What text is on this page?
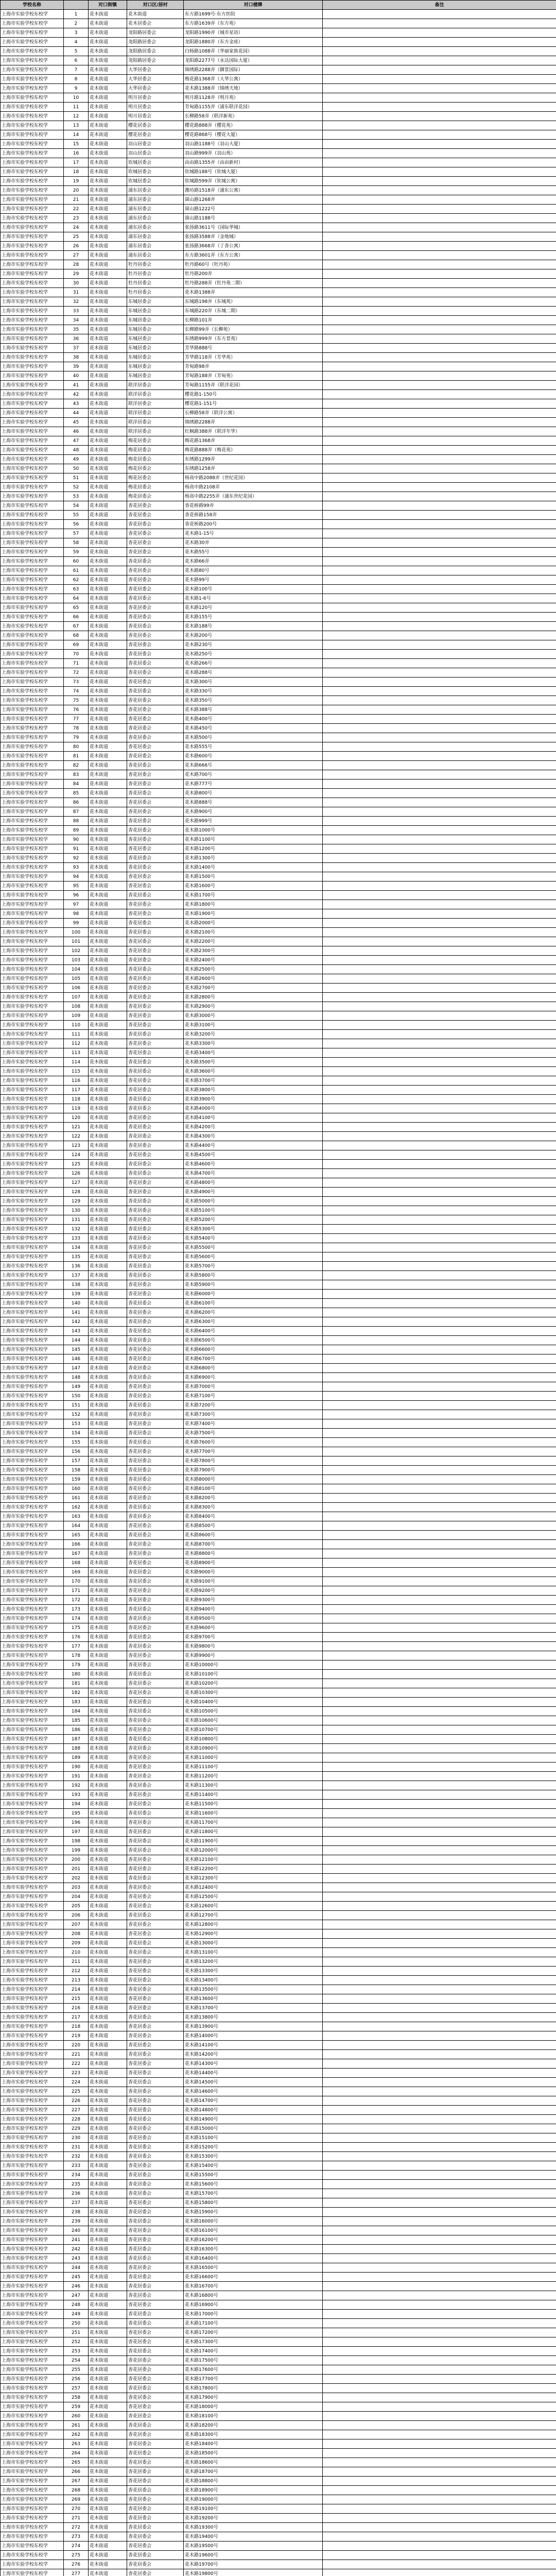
学校名称		对口街镇	对口区/居村	对口楼牌	备注
上海市实验学校东校学	1	花木街道	花木街道	东方路1699号·东方医院	
上海市实验学校东校学	2	花木街道	花木居委会	东方路1639弄（东方苑）	
上海市实验学校东校学	3	花木街道	龙阳路居委会	龙阳路1990弄（城市星语）	
上海市实验学校东校学	4	花木街道	龙阳路居委会	龙阳路1880弄（东方金座）	
上海市实验学校东校学	5	花木街道	龙阳路居委会	白杨路1088弄（华丽家族花园）	
上海市实验学校东校学	6	花木街道	龙阳路居委会	龙阳路2277号（永达国际大厦）	
上海市实验学校东校学	7	花木街道	大华居委会	锦绣路2288弄（御景国际）	
上海市实验学校东校学	8	花木街道	大华居委会	梅花路1368弄（大华公寓）	
上海市实验学校东校学	9	花木街道	大华居委会	花木路1388弄（锦绣天地）	
上海市实验学校东校学	10	花木街道	明月居委会	明月路1128弄（明月苑）	
上海市实验学校东校学	11	花木街道	明月居委会	芳甸路1155弄（浦东联洋花园）	
上海市实验学校东校学	12	花木街道	明月居委会	长柳路58弄（联洋新苑）	
上海市实验学校东校学	13	花木街道	樱花居委会	樱花路888弄（樱花苑）	
上海市实验学校东校学	14	花木街道	樱花居委会	樱花路868号（樱花大厦）	
上海市实验学校东校学	15	花木街道	羽山居委会	羽山路1188号（羽山大厦）	
上海市实验学校东校学	16	花木街道	羽山居委会	羽山路999弄（羽山苑）	
上海市实验学校东校学	17	花木街道	钦城居委会	由由路1355弄（由由新村）	
上海市实验学校东校学	18	花木街道	钦城居委会	钦城路188号（钦城大厦）	
上海市实验学校东校学	19	花木街道	钦城居委会	钦城路599弄（钦城公寓）	
上海市实验学校东校学	20	花木街道	浦东居委会	潍坊路1518弄（浦东公寓）	
上海市实验学校东校学	21	花木街道	浦东居委会	崮山路1268弄	
上海市实验学校东校学	22	花木街道	浦东居委会	崮山路1222号	
上海市实验学校东校学	23	花木街道	浦东居委会	崮山路1188号	
上海市实验学校东校学	24	花木街道	浦东居委会	张扬路3611号（国际华城）	
上海市实验学校东校学	25	花木街道	浦东居委会	张扬路3588弄（金地城）	
上海市实验学校东校学	26	花木街道	浦东居委会	张扬路3668弄（丁香公寓）	
上海市实验学校东校学	27	花木街道	浦东居委会	东方路3601弄（东方公寓）	
上海市实验学校东校学	28	花木街道	牡丹居委会	牡丹路60号（牡丹苑）	
上海市实验学校东校学	29	花木街道	牡丹居委会	牡丹路200弄	
上海市实验学校东校学	30	花木街道	牡丹居委会	牡丹路288弄（牡丹苑二期）	
上海市实验学校东校学	31	花木街道	牡丹居委会	花木路1388弄	
上海市实验学校东校学	32	花木街道	东城居委会	东城路198弄（东城苑）	
上海市实验学校东校学	33	花木街道	东城居委会	东城路220弄（东城二期）	
上海市实验学校东校学	34	花木街道	东城居委会	长柳路101弄	
上海市实验学校东校学	35	花木街道	东城居委会	长柳路99弄（长柳苑）	
上海市实验学校东校学	36	花木街道	东城居委会	东绣路999弄（东方景苑）	
上海市实验学校东校学	37	花木街道	东城居委会	芳华路888号	
上海市实验学校东校学	38	花木街道	东城居委会	芳华路118弄（芳华苑）	
上海市实验学校东校学	39	花木街道	东城居委会	芳甸路98弄	
上海市实验学校东校学	40	花木街道	东城居委会	芳甸路188弄（芳甸苑）	
上海市实验学校东校学	41	花木街道	联洋居委会	芳甸路1155弄（联洋花园）	
上海市实验学校东校学	42	花木街道	联洋居委会	樱花路1-150号	
上海市实验学校东校学	43	花木街道	联洋居委会	樱花路1-151号	
上海市实验学校东校学	44	花木街道	联洋居委会	长柳路58弄（联洋公寓）	
上海市实验学校东校学	45	花木街道	联洋居委会	锦绣路2288弄	
上海市实验学校东校学	46	花木街道	联洋居委会	红枫路388弄（联洋年华）	
上海市实验学校东校学	47	花木街道	梅花居委会	梅花路1368弄	
上海市实验学校东校学	48	花木街道	梅花居委会	梅花路888弄（梅花苑）	
上海市实验学校东校学	49	花木街道	梅花居委会	东绣路1299弄	
上海市实验学校东校学	50	花木街道	梅花居委会	东绣路1258弄	
上海市实验学校东校学	51	花木街道	梅花居委会	杨高中路2088弄（世纪花园）	
上海市实验学校东校学	52	花木街道	梅花居委会	杨高中路2108弄	
上海市实验学校东校学	53	花木街道	梅花居委会	杨高中路2255弄（浦东世纪花园）	
上海市实验学校东校学	54	花木街道	香花居委会	香花桥路99弄	
上海市实验学校东校学	55	花木街道	香花居委会	香花桥路158弄	
上海市实验学校东校学	56	花木街道	香花居委会	香花桥路200号	
上海市实验学校东校学	57	花木街道	香花居委会	花木路1-15号	
上海市实验学校东校学	58	花木街道	香花居委会	花木路30弄	
上海市实验学校东校学	59	花木街道	香花居委会	花木路55号	
上海市实验学校东校学	60	花木街道	香花居委会	花木路66弄	
上海市实验学校东校学	61	花木街道	香花居委会	花木路80号	
上海市实验学校东校学	62	花木街道	香花居委会	花木路99号	
上海市实验学校东校学	63	花木街道	香花居委会	花木路100号	
上海市实验学校东校学	64	花木街道	香花居委会	花木路1-6号	
上海市实验学校东校学	65	花木街道	香花居委会	花木路120号	
上海市实验学校东校学	66	花木街道	香花居委会	花木路155号	
上海市实验学校东校学	67	花木街道	香花居委会	花木路188号	
上海市实验学校东校学	68	花木街道	香花居委会	花木路200号	
上海市实验学校东校学	69	花木街道	香花居委会	花木路230号	
上海市实验学校东校学	70	花木街道	香花居委会	花木路250号	
上海市实验学校东校学	71	花木街道	香花居委会	花木路266号	
上海市实验学校东校学	72	花木街道	香花居委会	花木路288号	
上海市实验学校东校学	73	花木街道	香花居委会	花木路300号	
上海市实验学校东校学	74	花木街道	香花居委会	花木路330号	
上海市实验学校东校学	75	花木街道	香花居委会	花木路350号	
上海市实验学校东校学	76	花木街道	香花居委会	花木路388号	
上海市实验学校东校学	77	花木街道	香花居委会	花木路400号	
上海市实验学校东校学	78	花木街道	香花居委会	花木路450号	
上海市实验学校东校学	79	花木街道	香花居委会	花木路500号	
上海市实验学校东校学	80	花木街道	香花居委会	花木路555号	
上海市实验学校东校学	81	花木街道	香花居委会	花木路600号	
上海市实验学校东校学	82	花木街道	香花居委会	花木路666号	
上海市实验学校东校学	83	花木街道	香花居委会	花木路700号	
上海市实验学校东校学	84	花木街道	香花居委会	花木路777号	
上海市实验学校东校学	85	花木街道	香花居委会	花木路800号	
上海市实验学校东校学	86	花木街道	香花居委会	花木路888号	
上海市实验学校东校学	87	花木街道	香花居委会	花木路900号	
上海市实验学校东校学	88	花木街道	香花居委会	花木路999号	
上海市实验学校东校学	89	花木街道	香花居委会	花木路1000号	
上海市实验学校东校学	90	花木街道	香花居委会	花木路1100号	
上海市实验学校东校学	91	花木街道	香花居委会	花木路1200号	
上海市实验学校东校学	92	花木街道	香花居委会	花木路1300号	
上海市实验学校东校学	93	花木街道	香花居委会	花木路1400号	
上海市实验学校东校学	94	花木街道	香花居委会	花木路1500号	
上海市实验学校东校学	95	花木街道	香花居委会	花木路1600号	
上海市实验学校东校学	96	花木街道	香花居委会	花木路1700号	
上海市实验学校东校学	97	花木街道	香花居委会	花木路1800号	
上海市实验学校东校学	98	花木街道	香花居委会	花木路1900号	
上海市实验学校东校学	99	花木街道	香花居委会	花木路2000号	
上海市实验学校东校学	100	花木街道	香花居委会	花木路2100号	
上海市实验学校东校学	101	花木街道	香花居委会	花木路2200号	
上海市实验学校东校学	102	花木街道	香花居委会	花木路2300号	
上海市实验学校东校学	103	花木街道	香花居委会	花木路2400号	
上海市实验学校东校学	104	花木街道	香花居委会	花木路2500号	
上海市实验学校东校学	105	花木街道	香花居委会	花木路2600号	
上海市实验学校东校学	106	花木街道	香花居委会	花木路2700号	
上海市实验学校东校学	107	花木街道	香花居委会	花木路2800号	
上海市实验学校东校学	108	花木街道	香花居委会	花木路2900号	
上海市实验学校东校学	109	花木街道	香花居委会	花木路3000号	
上海市实验学校东校学	110	花木街道	香花居委会	花木路3100号	
上海市实验学校东校学	111	花木街道	香花居委会	花木路3200号	
上海市实验学校东校学	112	花木街道	香花居委会	花木路3300号	
上海市实验学校东校学	113	花木街道	香花居委会	花木路3400号	
上海市实验学校东校学	114	花木街道	香花居委会	花木路3500号	
上海市实验学校东校学	115	花木街道	香花居委会	花木路3600号	
上海市实验学校东校学	116	花木街道	香花居委会	花木路3700号	
上海市实验学校东校学	117	花木街道	香花居委会	花木路3800号	
上海市实验学校东校学	118	花木街道	香花居委会	花木路3900号	
上海市实验学校东校学	119	花木街道	香花居委会	花木路4000号	
上海市实验学校东校学	120	花木街道	香花居委会	花木路4100号	
上海市实验学校东校学	121	花木街道	香花居委会	花木路4200号	
上海市实验学校东校学	122	花木街道	香花居委会	花木路4300号	
上海市实验学校东校学	123	花木街道	香花居委会	花木路4400号	
上海市实验学校东校学	124	花木街道	香花居委会	花木路4500号	
上海市实验学校东校学	125	花木街道	香花居委会	花木路4600号	
上海市实验学校东校学	126	花木街道	香花居委会	花木路4700号	
上海市实验学校东校学	127	花木街道	香花居委会	花木路4800号	
上海市实验学校东校学	128	花木街道	香花居委会	花木路4900号	
上海市实验学校东校学	129	花木街道	香花居委会	花木路5000号	
上海市实验学校东校学	130	花木街道	香花居委会	花木路5100号	
上海市实验学校东校学	131	花木街道	香花居委会	花木路5200号	
上海市实验学校东校学	132	花木街道	香花居委会	花木路5300号	
上海市实验学校东校学	133	花木街道	香花居委会	花木路5400号	
上海市实验学校东校学	134	花木街道	香花居委会	花木路5500号	
上海市实验学校东校学	135	花木街道	香花居委会	花木路5600号	
上海市实验学校东校学	136	花木街道	香花居委会	花木路5700号	
上海市实验学校东校学	137	花木街道	香花居委会	花木路5800号	
上海市实验学校东校学	138	花木街道	香花居委会	花木路5900号	
上海市实验学校东校学	139	花木街道	香花居委会	花木路6000号	
上海市实验学校东校学	140	花木街道	香花居委会	花木路6100号	
上海市实验学校东校学	141	花木街道	香花居委会	花木路6200号	
上海市实验学校东校学	142	花木街道	香花居委会	花木路6300号	
上海市实验学校东校学	143	花木街道	香花居委会	花木路6400号	
上海市实验学校东校学	144	花木街道	香花居委会	花木路6500号	
上海市实验学校东校学	145	花木街道	香花居委会	花木路6600号	
上海市实验学校东校学	146	花木街道	香花居委会	花木路6700号	
上海市实验学校东校学	147	花木街道	香花居委会	花木路6800号	
上海市实验学校东校学	148	花木街道	香花居委会	花木路6900号	
上海市实验学校东校学	149	花木街道	香花居委会	花木路7000号	
上海市实验学校东校学	150	花木街道	香花居委会	花木路7100号	
上海市实验学校东校学	151	花木街道	香花居委会	花木路7200号	
上海市实验学校东校学	152	花木街道	香花居委会	花木路7300号	
上海市实验学校东校学	153	花木街道	香花居委会	花木路7400号	
上海市实验学校东校学	154	花木街道	香花居委会	花木路7500号	
上海市实验学校东校学	155	花木街道	香花居委会	花木路7600号	
上海市实验学校东校学	156	花木街道	香花居委会	花木路7700号	
上海市实验学校东校学	157	花木街道	香花居委会	花木路7800号	
上海市实验学校东校学	158	花木街道	香花居委会	花木路7900号	
上海市实验学校东校学	159	花木街道	香花居委会	花木路8000号	
上海市实验学校东校学	160	花木街道	香花居委会	花木路8100号	
上海市实验学校东校学	161	花木街道	香花居委会	花木路8200号	
上海市实验学校东校学	162	花木街道	香花居委会	花木路8300号	
上海市实验学校东校学	163	花木街道	香花居委会	花木路8400号	
上海市实验学校东校学	164	花木街道	香花居委会	花木路8500号	
上海市实验学校东校学	165	花木街道	香花居委会	花木路8600号	
上海市实验学校东校学	166	花木街道	香花居委会	花木路8700号	
上海市实验学校东校学	167	花木街道	香花居委会	花木路8800号	
上海市实验学校东校学	168	花木街道	香花居委会	花木路8900号	
上海市实验学校东校学	169	花木街道	香花居委会	花木路9000号	
上海市实验学校东校学	170	花木街道	香花居委会	花木路9100号	
上海市实验学校东校学	171	花木街道	香花居委会	花木路9200号	
上海市实验学校东校学	172	花木街道	香花居委会	花木路9300号	
上海市实验学校东校学	173	花木街道	香花居委会	花木路9400号	
上海市实验学校东校学	174	花木街道	香花居委会	花木路9500号	
上海市实验学校东校学	175	花木街道	香花居委会	花木路9600号	
上海市实验学校东校学	176	花木街道	香花居委会	花木路9700号	
上海市实验学校东校学	177	花木街道	香花居委会	花木路9800号	
上海市实验学校东校学	178	花木街道	香花居委会	花木路9900号	
上海市实验学校东校学	179	花木街道	香花居委会	花木路10000号	
上海市实验学校东校学	180	花木街道	香花居委会	花木路10100号	
上海市实验学校东校学	181	花木街道	香花居委会	花木路10200号	
上海市实验学校东校学	182	花木街道	香花居委会	花木路10300号	
上海市实验学校东校学	183	花木街道	香花居委会	花木路10400号	
上海市实验学校东校学	184	花木街道	香花居委会	花木路10500号	
上海市实验学校东校学	185	花木街道	香花居委会	花木路10600号	
上海市实验学校东校学	186	花木街道	香花居委会	花木路10700号	
上海市实验学校东校学	187	花木街道	香花居委会	花木路10800号	
上海市实验学校东校学	188	花木街道	香花居委会	花木路10900号	
上海市实验学校东校学	189	花木街道	香花居委会	花木路11000号	
上海市实验学校东校学	190	花木街道	香花居委会	花木路11100号	
上海市实验学校东校学	191	花木街道	香花居委会	花木路11200号	
上海市实验学校东校学	192	花木街道	香花居委会	花木路11300号	
上海市实验学校东校学	193	花木街道	香花居委会	花木路11400号	
上海市实验学校东校学	194	花木街道	香花居委会	花木路11500号	
上海市实验学校东校学	195	花木街道	香花居委会	花木路11600号	
上海市实验学校东校学	196	花木街道	香花居委会	花木路11700号	
上海市实验学校东校学	197	花木街道	香花居委会	花木路11800号	
上海市实验学校东校学	198	花木街道	香花居委会	花木路11900号	
上海市实验学校东校学	199	花木街道	香花居委会	花木路12000号	
上海市实验学校东校学	200	花木街道	香花居委会	花木路12100号	
上海市实验学校东校学	201	花木街道	香花居委会	花木路12200号	
上海市实验学校东校学	202	花木街道	香花居委会	花木路12300号	
上海市实验学校东校学	203	花木街道	香花居委会	花木路12400号	
上海市实验学校东校学	204	花木街道	香花居委会	花木路12500号	
上海市实验学校东校学	205	花木街道	香花居委会	花木路12600号	
上海市实验学校东校学	206	花木街道	香花居委会	花木路12700号	
上海市实验学校东校学	207	花木街道	香花居委会	花木路12800号	
上海市实验学校东校学	208	花木街道	香花居委会	花木路12900号	
上海市实验学校东校学	209	花木街道	香花居委会	花木路13000号	
上海市实验学校东校学	210	花木街道	香花居委会	花木路13100号	
上海市实验学校东校学	211	花木街道	香花居委会	花木路13200号	
上海市实验学校东校学	212	花木街道	香花居委会	花木路13300号	
上海市实验学校东校学	213	花木街道	香花居委会	花木路13400号	
上海市实验学校东校学	214	花木街道	香花居委会	花木路13500号	
上海市实验学校东校学	215	花木街道	香花居委会	花木路13600号	
上海市实验学校东校学	216	花木街道	香花居委会	花木路13700号	
上海市实验学校东校学	217	花木街道	香花居委会	花木路13800号	
上海市实验学校东校学	218	花木街道	香花居委会	花木路13900号	
上海市实验学校东校学	219	花木街道	香花居委会	花木路14000号	
上海市实验学校东校学	220	花木街道	香花居委会	花木路14100号	
上海市实验学校东校学	221	花木街道	香花居委会	花木路14200号	
上海市实验学校东校学	222	花木街道	香花居委会	花木路14300号	
上海市实验学校东校学	223	花木街道	香花居委会	花木路14400号	
上海市实验学校东校学	224	花木街道	香花居委会	花木路14500号	
上海市实验学校东校学	225	花木街道	香花居委会	花木路14600号	
上海市实验学校东校学	226	花木街道	香花居委会	花木路14700号	
上海市实验学校东校学	227	花木街道	香花居委会	花木路14800号	
上海市实验学校东校学	228	花木街道	香花居委会	花木路14900号	
上海市实验学校东校学	229	花木街道	香花居委会	花木路15000号	
上海市实验学校东校学	230	花木街道	香花居委会	花木路15100号	
上海市实验学校东校学	231	花木街道	香花居委会	花木路15200号	
上海市实验学校东校学	232	花木街道	香花居委会	花木路15300号	
上海市实验学校东校学	233	花木街道	香花居委会	花木路15400号	
上海市实验学校东校学	234	花木街道	香花居委会	花木路15500号	
上海市实验学校东校学	235	花木街道	香花居委会	花木路15600号	
上海市实验学校东校学	236	花木街道	香花居委会	花木路15700号	
上海市实验学校东校学	237	花木街道	香花居委会	花木路15800号	
上海市实验学校东校学	238	花木街道	香花居委会	花木路15900号	
上海市实验学校东校学	239	花木街道	香花居委会	花木路16000号	
上海市实验学校东校学	240	花木街道	香花居委会	花木路16100号	
上海市实验学校东校学	241	花木街道	香花居委会	花木路16200号	
上海市实验学校东校学	242	花木街道	香花居委会	花木路16300号	
上海市实验学校东校学	243	花木街道	香花居委会	花木路16400号	
上海市实验学校东校学	244	花木街道	香花居委会	花木路16500号	
上海市实验学校东校学	245	花木街道	香花居委会	花木路16600号	
上海市实验学校东校学	246	花木街道	香花居委会	花木路16700号	
上海市实验学校东校学	247	花木街道	香花居委会	花木路16800号	
上海市实验学校东校学	248	花木街道	香花居委会	花木路16900号	
上海市实验学校东校学	249	花木街道	香花居委会	花木路17000号	
上海市实验学校东校学	250	花木街道	香花居委会	花木路17100号	
上海市实验学校东校学	251	花木街道	香花居委会	花木路17200号	
上海市实验学校东校学	252	花木街道	香花居委会	花木路17300号	
上海市实验学校东校学	253	花木街道	香花居委会	花木路17400号	
上海市实验学校东校学	254	花木街道	香花居委会	花木路17500号	
上海市实验学校东校学	255	花木街道	香花居委会	花木路17600号	
上海市实验学校东校学	256	花木街道	香花居委会	花木路17700号	
上海市实验学校东校学	257	花木街道	香花居委会	花木路17800号	
上海市实验学校东校学	258	花木街道	香花居委会	花木路17900号	
上海市实验学校东校学	259	花木街道	香花居委会	花木路18000号	
上海市实验学校东校学	260	花木街道	香花居委会	花木路18100号	
上海市实验学校东校学	261	花木街道	香花居委会	花木路18200号	
上海市实验学校东校学	262	花木街道	香花居委会	花木路18300号	
上海市实验学校东校学	263	花木街道	香花居委会	花木路18400号	
上海市实验学校东校学	264	花木街道	香花居委会	花木路18500号	
上海市实验学校东校学	265	花木街道	香花居委会	花木路18600号	
上海市实验学校东校学	266	花木街道	香花居委会	花木路18700号	
上海市实验学校东校学	267	花木街道	香花居委会	花木路18800号	
上海市实验学校东校学	268	花木街道	香花居委会	花木路18900号	
上海市实验学校东校学	269	花木街道	香花居委会	花木路19000号	
上海市实验学校东校学	270	花木街道	香花居委会	花木路19100号	
上海市实验学校东校学	271	花木街道	香花居委会	花木路19200号	
上海市实验学校东校学	272	花木街道	香花居委会	花木路19300号	
上海市实验学校东校学	273	花木街道	香花居委会	花木路19400号	
上海市实验学校东校学	274	花木街道	香花居委会	花木路19500号	
上海市实验学校东校学	275	花木街道	香花居委会	花木路19600号	
上海市实验学校东校学	276	花木街道	香花居委会	花木路19700号	
上海市实验学校东校学	277	花木街道	香花居委会	花木路19800号	
